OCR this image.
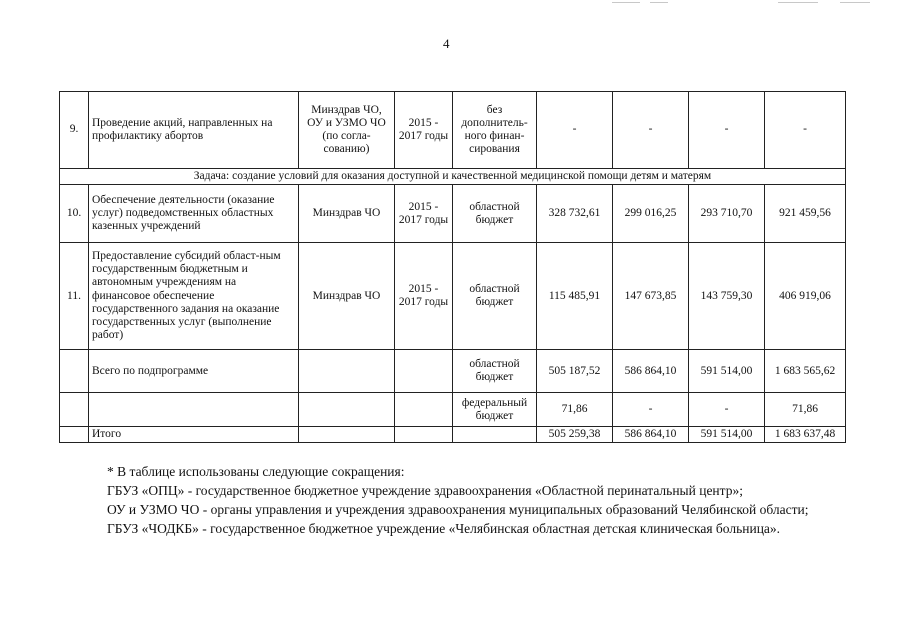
4
9.	Проведение акций, направленных на профилактику абортов	Минздрав ЧО, ОУ и УЗМО ЧО (по согла-сованию)	2015 - 2017 годы	без дополнитель-ного финан-сирования	-	-	-	-
Задача: создание условий для оказания доступной и качественной медицинской помощи детям и матерям								
10.	Обеспечение деятельности (оказание услуг) подведомственных областных казенных учреждений	Минздрав ЧО	2015 - 2017 годы	областной бюджет	328 732,61	299 016,25	293 710,70	921 459,56
11.	Предоставление субсидий област-ным государственным бюджетным и автономным учреждениям на финансовое обеспечение государственного задания на оказание государственных услуг (выполнение работ)	Минздрав ЧО	2015 - 2017 годы	областной бюджет	115 485,91	147 673,85	143 759,30	406 919,06
	Всего по подпрограмме			областной бюджет	505 187,52	586 864,10	591 514,00	1 683 565,62
				федеральный бюджет	71,86	-	-	71,86
	Итого				505 259,38	586 864,10	591 514,00	1 683 637,48

* В таблице использованы следующие сокращения:

ГБУЗ «ОПЦ» - государственное бюджетное учреждение здравоохранения «Областной перинатальный центр»;

ОУ и УЗМО ЧО - органы управления и учреждения здравоохранения муниципальных образований Челябинской области;

ГБУЗ «ЧОДКБ» - государственное бюджетное учреждение «Челябинская областная детская клиническая больница».
